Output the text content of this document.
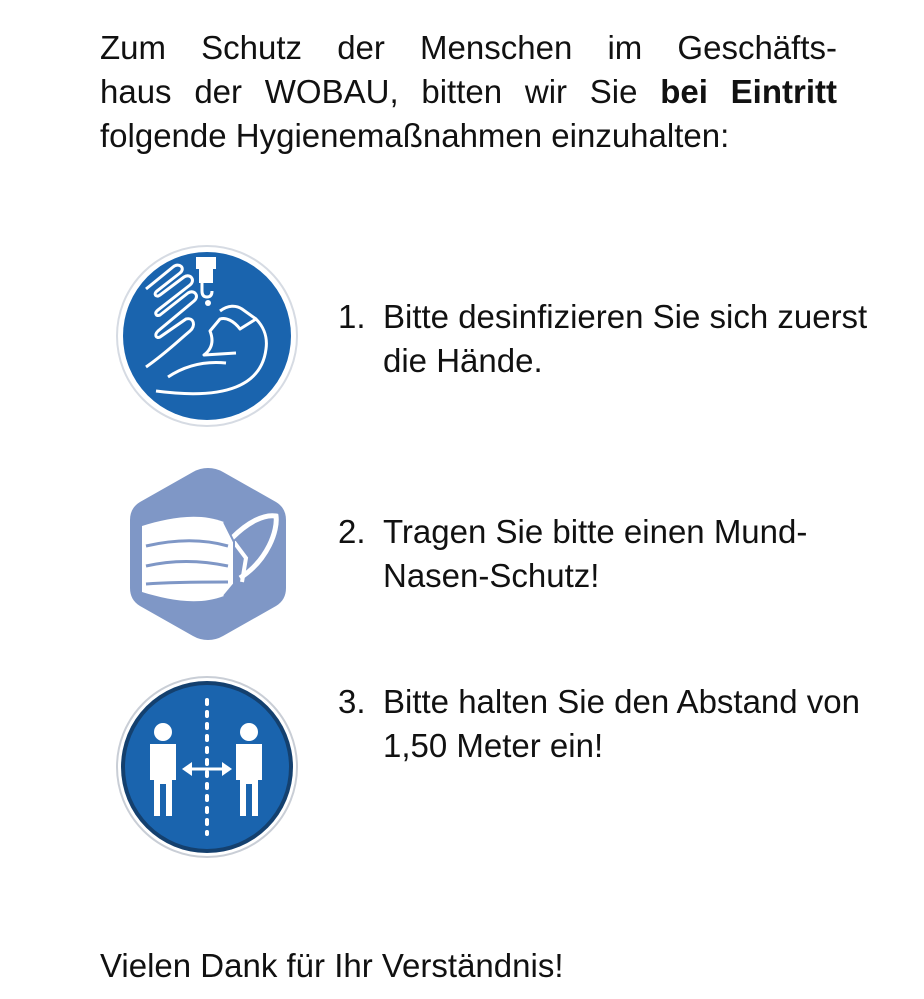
Zum Schutz der Menschen im Geschäfts-
haus der WOBAU, bitten wir Sie bei Eintritt
folgende Hygienemaßnahmen einzuhalten:
1. Bitte desinfizieren Sie sich zuerst die Hände.
2. Tragen Sie bitte einen Mund-Nasen-Schutz!
3. Bitte halten Sie den Abstand von 1,50 Meter ein!

Vielen Dank für Ihr Verständnis!
